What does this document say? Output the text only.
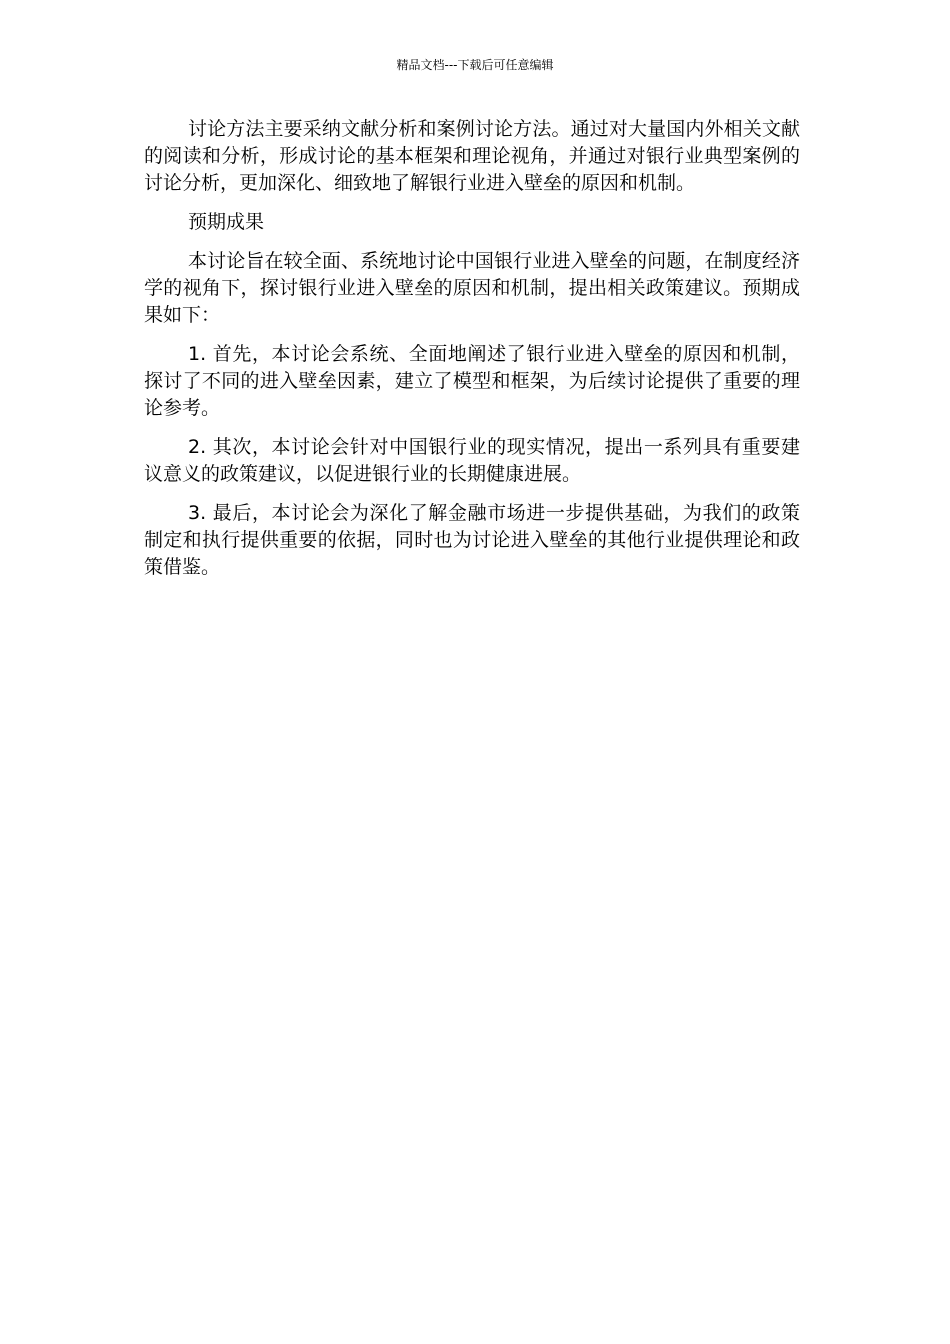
精品文档---下载后可任意编辑

讨论方法主要采纳文献分析和案例讨论方法。通过对大量国内外相关文献的阅读和分析，形成讨论的基本框架和理论视角，并通过对银行业典型案例的讨论分析，更加深化、细致地了解银行业进入壁垒的原因和机制。

预期成果

本讨论旨在较全面、系统地讨论中国银行业进入壁垒的问题，在制度经济学的视角下，探讨银行业进入壁垒的原因和机制，提出相关政策建议。预期成果如下：

1. 首先，本讨论会系统、全面地阐述了银行业进入壁垒的原因和机制，探讨了不同的进入壁垒因素，建立了模型和框架，为后续讨论提供了重要的理论参考。

2. 其次，本讨论会针对中国银行业的现实情况，提出一系列具有重要建议意义的政策建议，以促进银行业的长期健康进展。

3. 最后，本讨论会为深化了解金融市场进一步提供基础，为我们的政策制定和执行提供重要的依据，同时也为讨论进入壁垒的其他行业提供理论和政策借鉴。
